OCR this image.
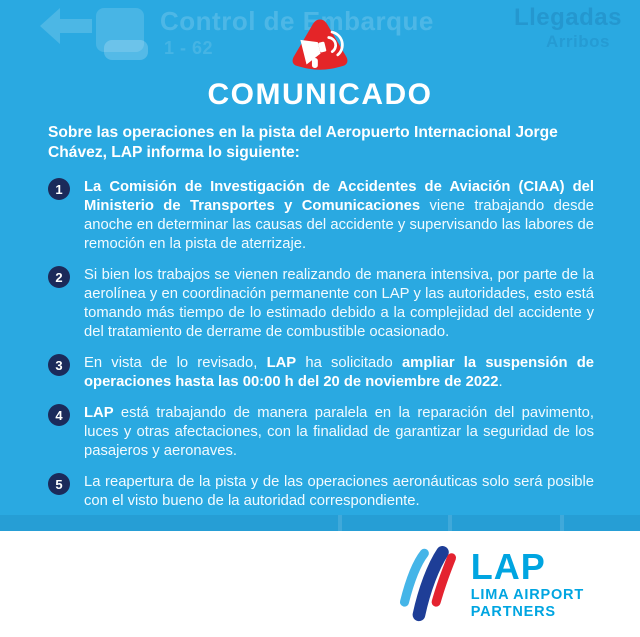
Control de Embarque
1 - 62
Llegadas
Arribos
COMUNICADO

Sobre las operaciones en la pista del Aeropuerto Internacional Jorge Chávez, LAP informa lo siguiente:

1	La Comisión de Investigación de Accidentes de Aviación (CIAA) del Ministerio de Transportes y Comunicaciones viene trabajando desde anoche en determinar las causas del accidente y supervisando las labores de remoción en la pista de aterrizaje.

2	Si bien los trabajos se vienen realizando de manera intensiva, por parte de la aerolínea y en coordinación permanente con LAP y las autoridades, esto está tomando más tiempo de lo estimado debido a la complejidad del accidente y del tratamiento de derrame de combustible ocasionado.

3	En vista de lo revisado, LAP ha solicitado ampliar la suspensión de operaciones hasta las 00:00 h del 20 de noviembre de 2022.

4	LAP está trabajando de manera paralela en la reparación del pavimento, luces y otras afectaciones, con la finalidad de garantizar la seguridad de los pasajeros y aeronaves.

5	La reapertura de la pista y de las operaciones aeronáuticas solo será posible con el visto bueno de la autoridad correspondiente.

LAP
LIMA AIRPORT
PARTNERS
